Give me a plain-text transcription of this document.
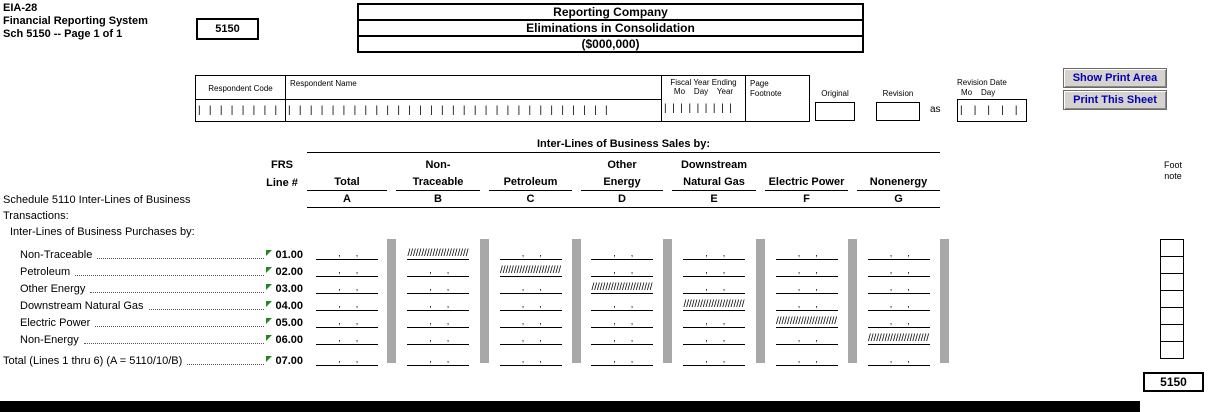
EIA-28
Financial Reporting System
Sch 5150 -- Page 1 of 1	5150
Reporting Company
Eliminations in Consolidation
($000,000)
Respondent Code
Respondent Name
|   |   |   |   |   |   |   |	|   |   |   |   |   |   |   |   |   |   |   |   |   |   |   |   |   |   |   |   |   |   |   |   |   |   |   |   |   |
Fiscal Year Ending
Mo    Day    Year
|  |  |  |  |  |  |  |  |
Page
Footnote	Original	Revision
as
Revision Date
Mo    Day
|    |    |    |    |
Show Print Area
Print This Sheet
Inter-Lines of Business Sales by:
FRS
Line #
Non-	Other	Downstream
Total	Traceable	Petroleum	Energy	Natural Gas	Electric Power	Nonenergy
A	B	C	D	E	F	G
Schedule 5110 Inter-Lines of Business
Transactions:
Inter-Lines of Business Purchases by:
Non-Traceable	01.00	,      ,	//////////////////////	,      ,	,      ,	,      ,	,      ,	,      ,
Petroleum	02.00	,      ,	,      ,	//////////////////////	,      ,	,      ,	,      ,	,      ,
Other Energy	03.00	,      ,	,      ,	,      ,	//////////////////////	,      ,	,      ,	,      ,
Downstream Natural Gas	04.00	,      ,	,      ,	,      ,	,      ,	//////////////////////	,      ,	,      ,
Electric Power	05.00	,      ,	,      ,	,      ,	,      ,	,      ,	//////////////////////	,      ,
Non-Energy	06.00	,      ,	,      ,	,      ,	,      ,	,      ,	,      ,	//////////////////////
Total (Lines 1 thru 6) (A = 5110/10/B)	07.00	,      ,	,      ,	,      ,	,      ,	,      ,	,      ,	,      ,
Foot
note
5150
